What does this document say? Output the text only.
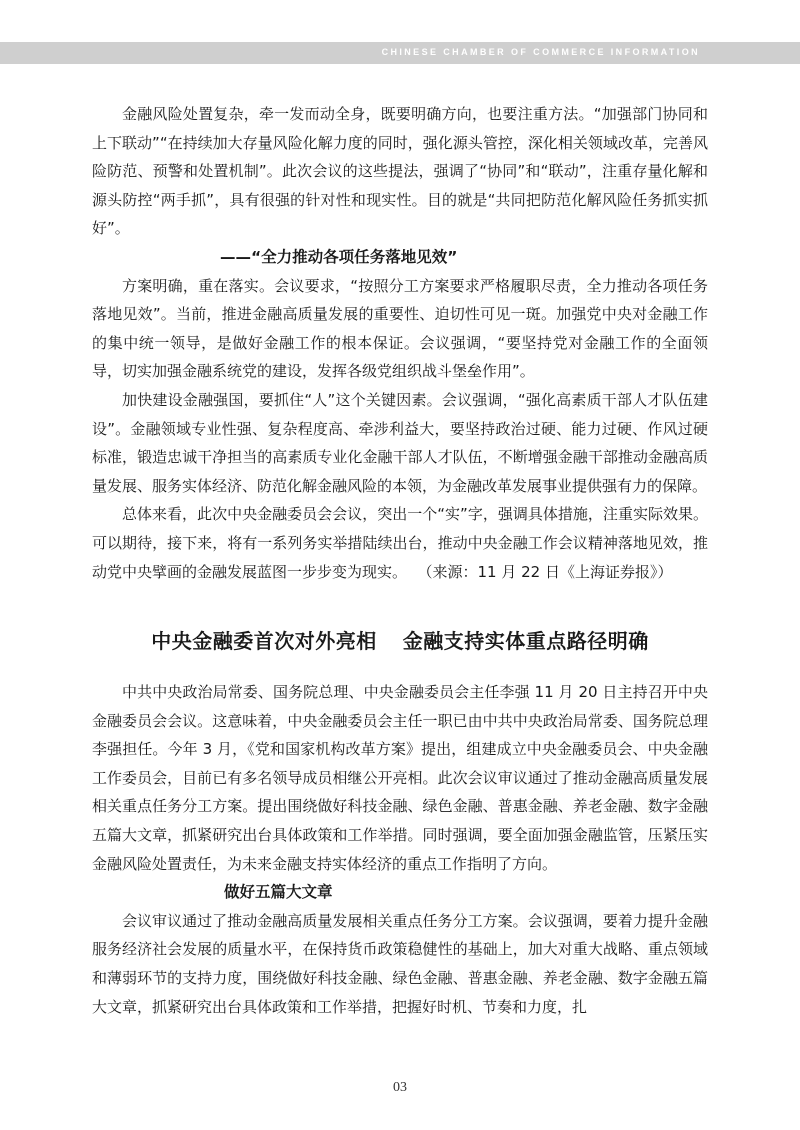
CHINESE CHAMBER OF COMMERCE INFORMATION

金融风险处置复杂，牵一发而动全身，既要明确方向，也要注重方法。“加强部门协同和上下联动”“在持续加大存量风险化解力度的同时，强化源头管控，深化相关领域改革，完善风险防范、预警和处置机制”。此次会议的这些提法，强调了“协同”和“联动”，注重存量化解和源头防控“两手抓”，具有很强的针对性和现实性。目的就是“共同把防范化解风险任务抓实抓好”。

——“全力推动各项任务落地见效”

方案明确，重在落实。会议要求，“按照分工方案要求严格履职尽责，全力推动各项任务落地见效”。当前，推进金融高质量发展的重要性、迫切性可见一斑。加强党中央对金融工作的集中统一领导，是做好金融工作的根本保证。会议强调，“要坚持党对金融工作的全面领导，切实加强金融系统党的建设，发挥各级党组织战斗堡垒作用”。

加快建设金融强国，要抓住“人”这个关键因素。会议强调，“强化高素质干部人才队伍建设”。金融领域专业性强、复杂程度高、牵涉利益大，要坚持政治过硬、能力过硬、作风过硬标准，锻造忠诚干净担当的高素质专业化金融干部人才队伍，不断增强金融干部推动金融高质量发展、服务实体经济、防范化解金融风险的本领，为金融改革发展事业提供强有力的保障。

总体来看，此次中央金融委员会会议，突出一个“实”字，强调具体措施，注重实际效果。可以期待，接下来，将有一系列务实举措陆续出台，推动中央金融工作会议精神落地见效，推动党中央擘画的金融发展蓝图一步步变为现实。 （来源：11 月 22 日《上海证券报》）

中央金融委首次对外亮相 金融支持实体重点路径明确

中共中央政治局常委、国务院总理、中央金融委员会主任李强 11 月 20 日主持召开中央金融委员会会议。这意味着，中央金融委员会主任一职已由中共中央政治局常委、国务院总理李强担任。今年 3 月，《党和国家机构改革方案》提出，组建成立中央金融委员会、中央金融工作委员会，目前已有多名领导成员相继公开亮相。此次会议审议通过了推动金融高质量发展相关重点任务分工方案。提出围绕做好科技金融、绿色金融、普惠金融、养老金融、数字金融五篇大文章，抓紧研究出台具体政策和工作举措。同时强调，要全面加强金融监管，压紧压实金融风险处置责任，为未来金融支持实体经济的重点工作指明了方向。

做好五篇大文章

会议审议通过了推动金融高质量发展相关重点任务分工方案。会议强调，要着力提升金融服务经济社会发展的质量水平，在保持货币政策稳健性的基础上，加大对重大战略、重点领域和薄弱环节的支持力度，围绕做好科技金融、绿色金融、普惠金融、养老金融、数字金融五篇大文章，抓紧研究出台具体政策和工作举措，把握好时机、节奏和力度，扎

03
